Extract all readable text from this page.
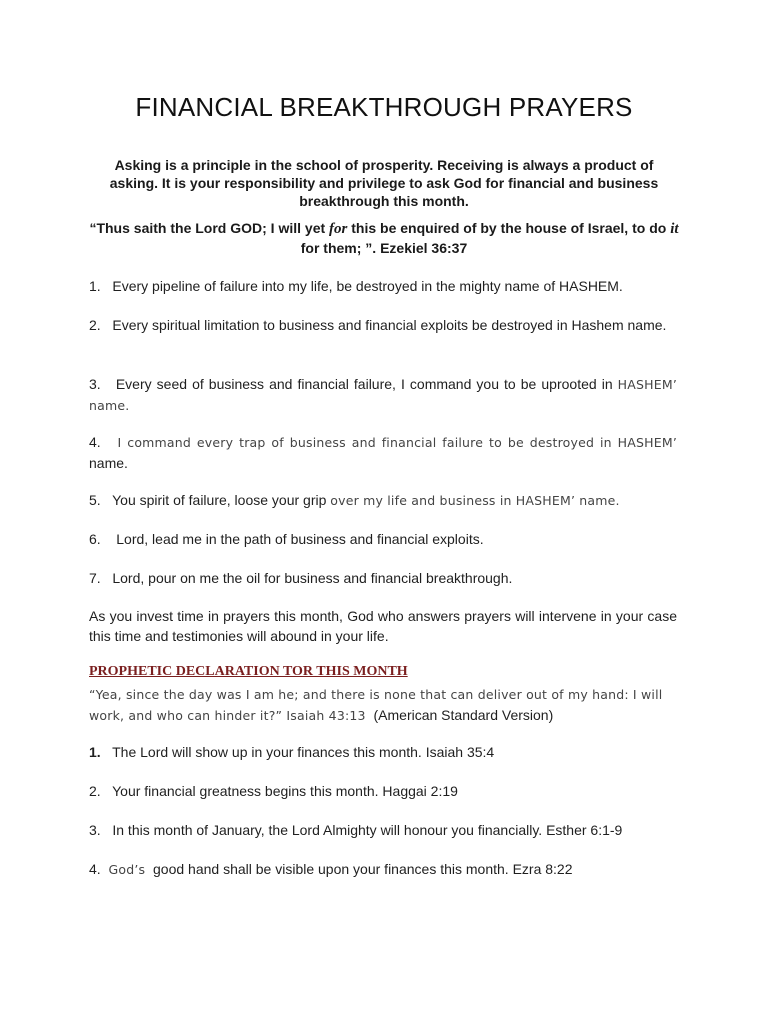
FINANCIAL BREAKTHROUGH PRAYERS
Asking is a principle in the school of prosperity. Receiving is always a product of asking. It is your responsibility and privilege to ask God for financial and business breakthrough this month.
“Thus saith the Lord GOD; I will yet for this be enquired of by the house of Israel, to do it for them; ”. Ezekiel 36:37
1. Every pipeline of failure into my life, be destroyed in the mighty name of HASHEM.
2. Every spiritual limitation to business and financial exploits be destroyed in Hashem name.
3. Every seed of business and financial failure, I command you to be uprooted in HASHEM’ name.
4. I command every trap of business and financial failure to be destroyed in HASHEM’ name.
5. You spirit of failure, loose your grip over my life and business in HASHEM’ name.
6. Lord, lead me in the path of business and financial exploits.
7. Lord, pour on me the oil for business and financial breakthrough.
As you invest time in prayers this month, God who answers prayers will intervene in your case this time and testimonies will abound in your life.
PROPHETIC DECLARATION TOR THIS MONTH
“Yea, since the day was I am he; and there is none that can deliver out of my hand: I will work, and who can hinder it?” Isaiah 43:13 (American Standard Version)
1. The Lord will show up in your finances this month. Isaiah 35:4
2. Your financial greatness begins this month. Haggai 2:19
3. In this month of January, the Lord Almighty will honour you financially. Esther 6:1-9
4. God’s good hand shall be visible upon your finances this month. Ezra 8:22
